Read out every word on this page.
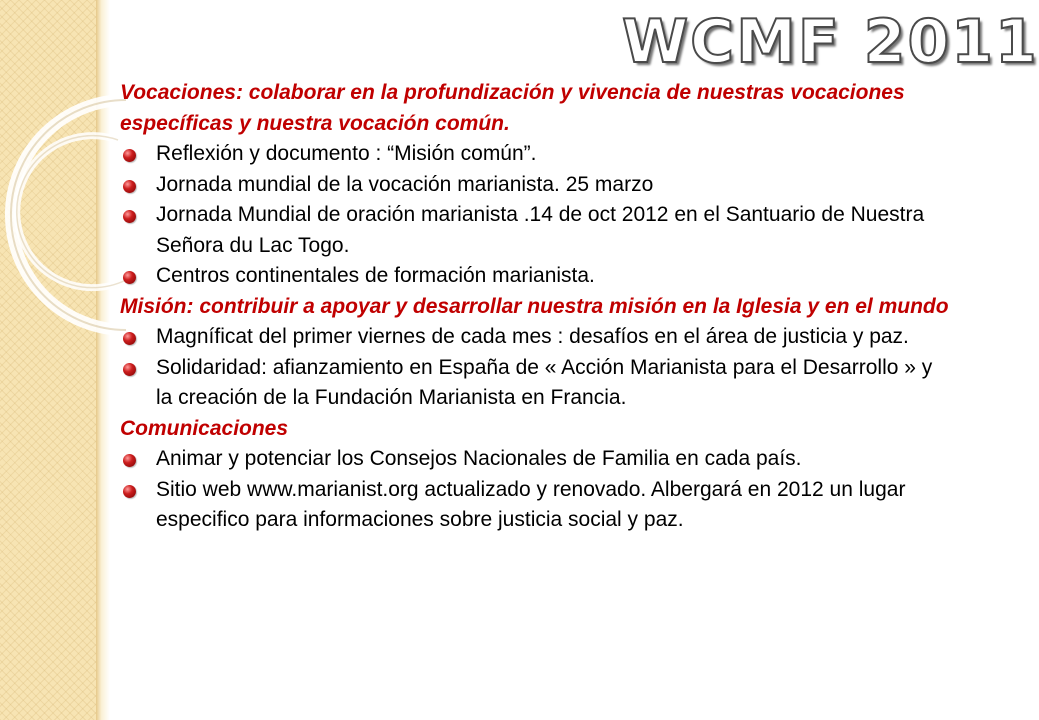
WCMF 2011

Vocaciones: colaborar en la profundización y vivencia de nuestras vocaciones específicas y nuestra vocación común.

Reflexión y documento : “Misión común”.
Jornada mundial de la vocación marianista. 25 marzo
Jornada Mundial de oración marianista .14 de oct 2012 en el Santuario de Nuestra Señora du Lac Togo.
Centros continentales de formación marianista.

Misión: contribuir a apoyar y desarrollar nuestra misión en la Iglesia y en el mundo

Magníficat del primer viernes de cada mes : desafíos en el área de justicia y paz.
Solidaridad: afianzamiento en España de « Acción Marianista para el Desarrollo » y la creación de la Fundación Marianista en Francia.

Comunicaciones

Animar y potenciar los Consejos Nacionales de Familia en cada país.
Sitio web www.marianist.org actualizado y renovado. Albergará en 2012 un lugar especifico para informaciones sobre justicia social y paz.
